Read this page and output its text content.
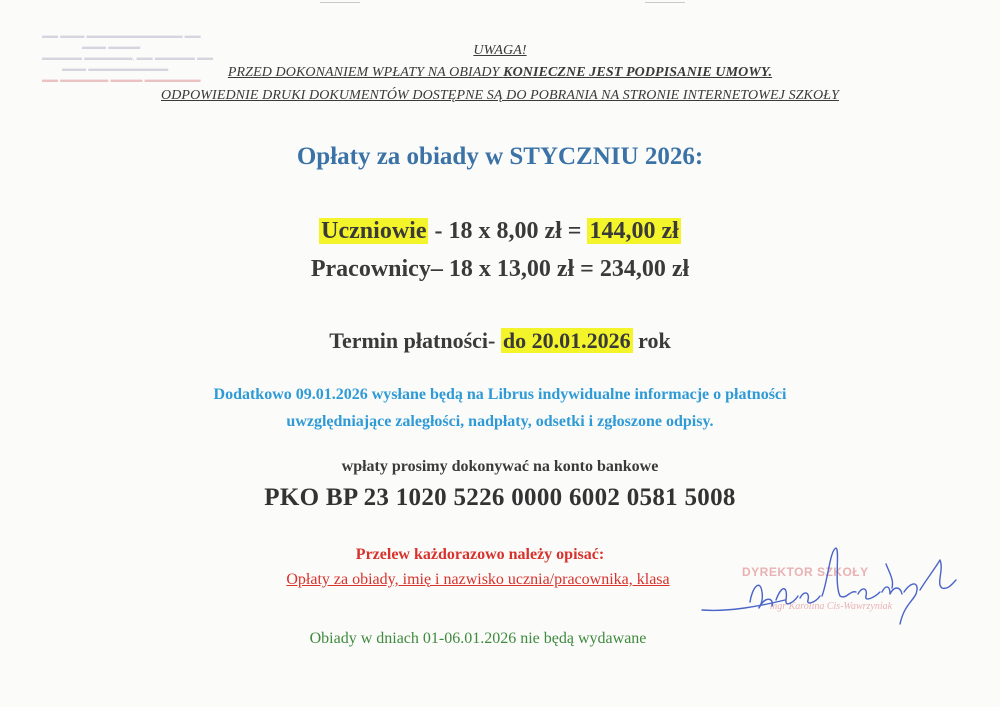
▬▬ ▬▬▬ ▬▬▬▬▬▬▬▬▬▬▬▬ ▬▬
▬▬▬ ▬▬▬▬
▬▬▬▬▬ ▬▬▬▬▬▬, ▬▬ ▬▬▬▬▬ ▬▬
▬▬▬ ▬▬▬▬▬▬▬▬▬▬
▬▬ ▬▬▬▬▬▬ ▬▬▬▬ ▬▬▬▬▬▬▬
UWAGA!
PRZED DOKONANIEM WPŁATY NA OBIADY KONIECZNE JEST PODPISANIE UMOWY.
ODPOWIEDNIE DRUKI DOKUMENTÓW DOSTĘPNE SĄ DO POBRANIA NA STRONIE INTERNETOWEJ SZKOŁY
Opłaty za obiady w STYCZNIU 2026:
Uczniowie - 18 x 8,00 zł = 144,00 zł
Pracownicy– 18 x 13,00 zł = 234,00 zł
Termin płatności- do 20.01.2026 rok
Dodatkowo 09.01.2026 wysłane będą na Librus indywidualne informacje o płatności
uwzględniające zaległości, nadpłaty, odsetki i zgłoszone odpisy.
wpłaty prosimy dokonywać na konto bankowe
PKO BP 23 1020 5226 0000 6002 0581 5008
Przelew każdorazowo należy opisać:
Opłaty za obiady, imię i nazwisko ucznia/pracownika, klasa	DYREKTOR SZKOŁY
mgr Karolina Cis-Wawrzyniak
Obiady w dniach 01-06.01.2026 nie będą wydawane
